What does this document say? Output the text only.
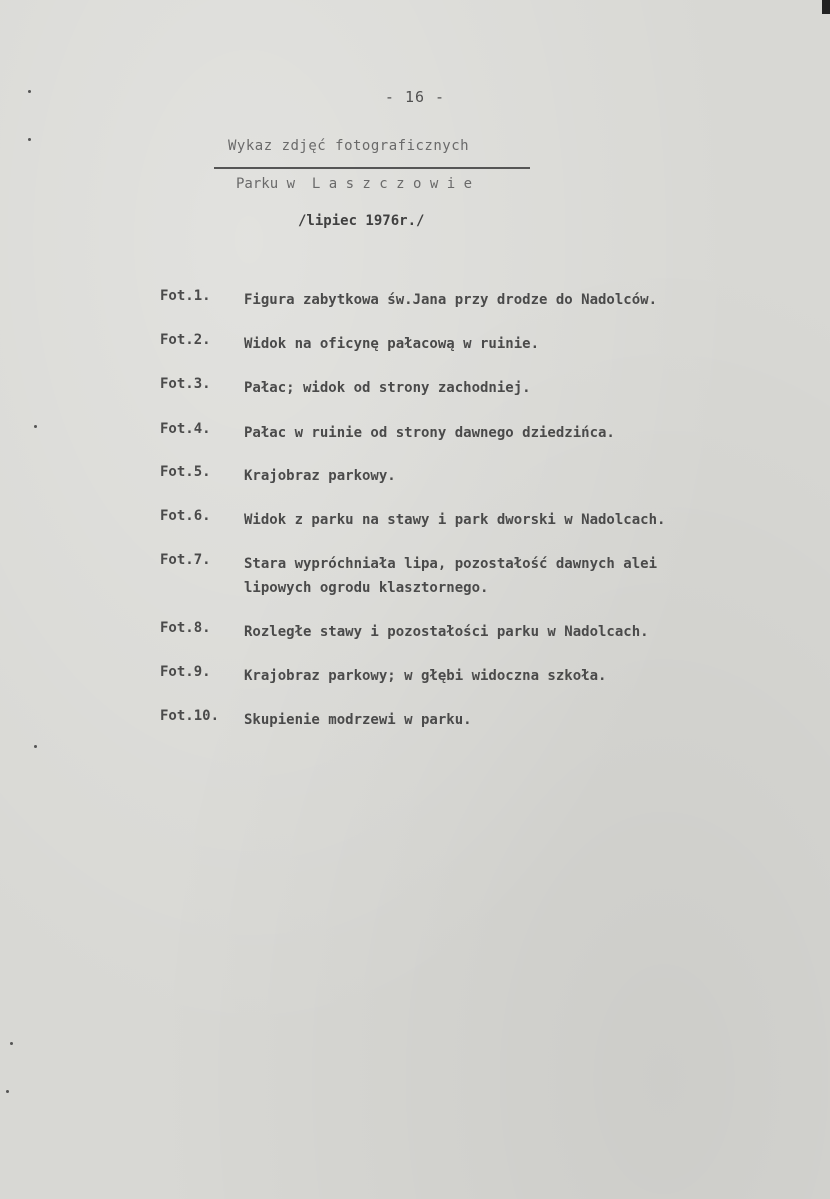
- 16 -
Wykaz zdjęć fotograficznych
Parku w  L a s z c z o w i e
/lipiec 1976r./
Fot.1. Figura zabytkowa św.Jana przy drodze do Nadolców.
Fot.2. Widok na oficynę pałacową w ruinie.
Fot.3. Pałac; widok od strony zachodniej.
Fot.4. Pałac w ruinie od strony dawnego dziedzińca.
Fot.5. Krajobraz parkowy.
Fot.6. Widok z parku na stawy i park dworski w Nadolcach.
Fot.7. Stara wypróchniała lipa, pozostałość dawnych alei
lipowych ogrodu klasztornego.
Fot.8. Rozległe stawy i pozostałości parku w Nadolcach.
Fot.9. Krajobraz parkowy; w głębi widoczna szkoła.
Fot.10. Skupienie modrzewi w parku.
